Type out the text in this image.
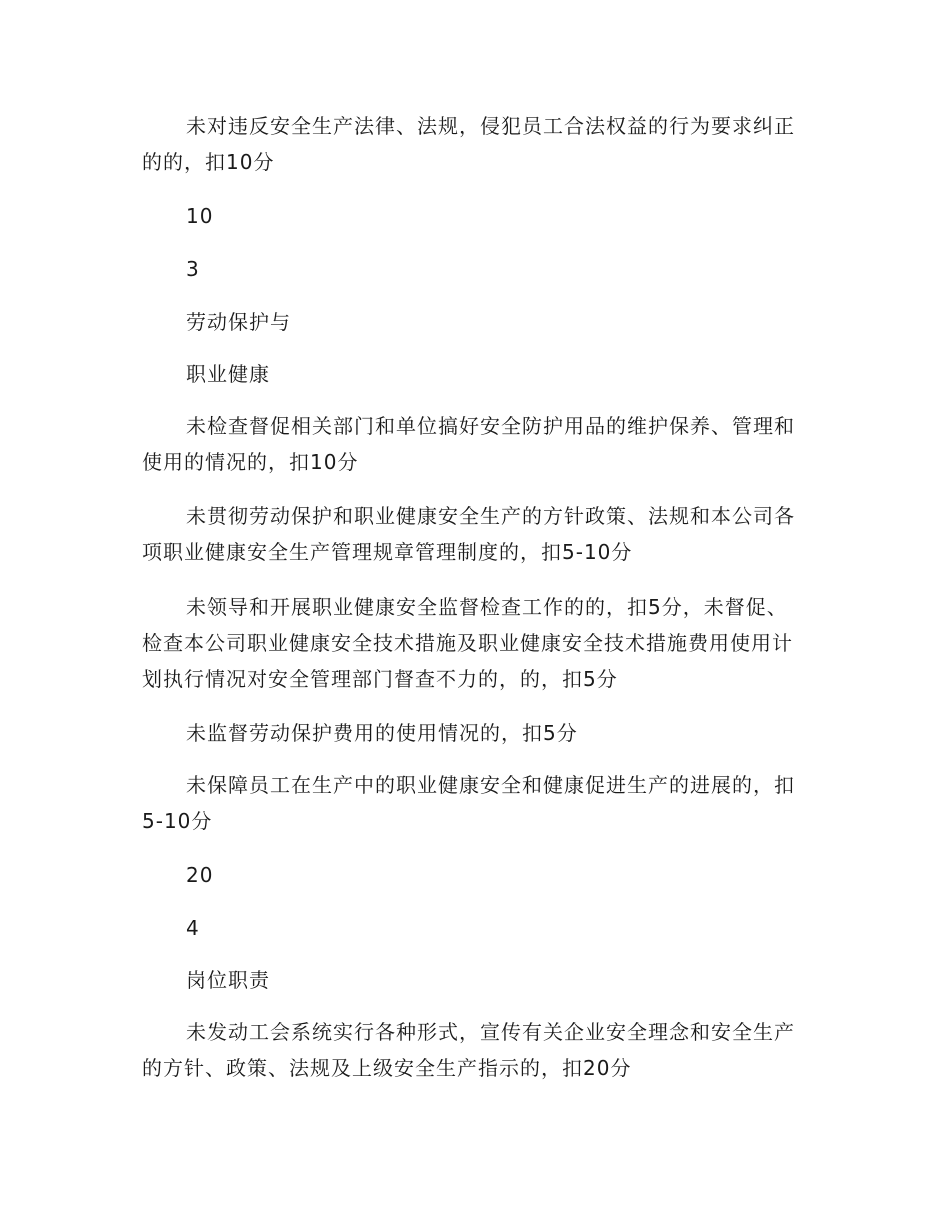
未对违反安全生产法律、法规，侵犯员工合法权益的行为要求纠正的的，扣10分

10

3

劳动保护与

职业健康

未检查督促相关部门和单位搞好安全防护用品的维护保养、管理和使用的情况的，扣10分

未贯彻劳动保护和职业健康安全生产的方针政策、法规和本公司各项职业健康安全生产管理规章管理制度的，扣5-10分

未领导和开展职业健康安全监督检查工作的的，扣5分，未督促、检查本公司职业健康安全技术措施及职业健康安全技术措施费用使用计划执行情况对安全管理部门督查不力的，的，扣5分

未监督劳动保护费用的使用情况的，扣5分

未保障员工在生产中的职业健康安全和健康促进生产的进展的，扣5-10分

20

4

岗位职责

未发动工会系统实行各种形式，宣传有关企业安全理念和安全生产的方针、政策、法规及上级安全生产指示的，扣20分
